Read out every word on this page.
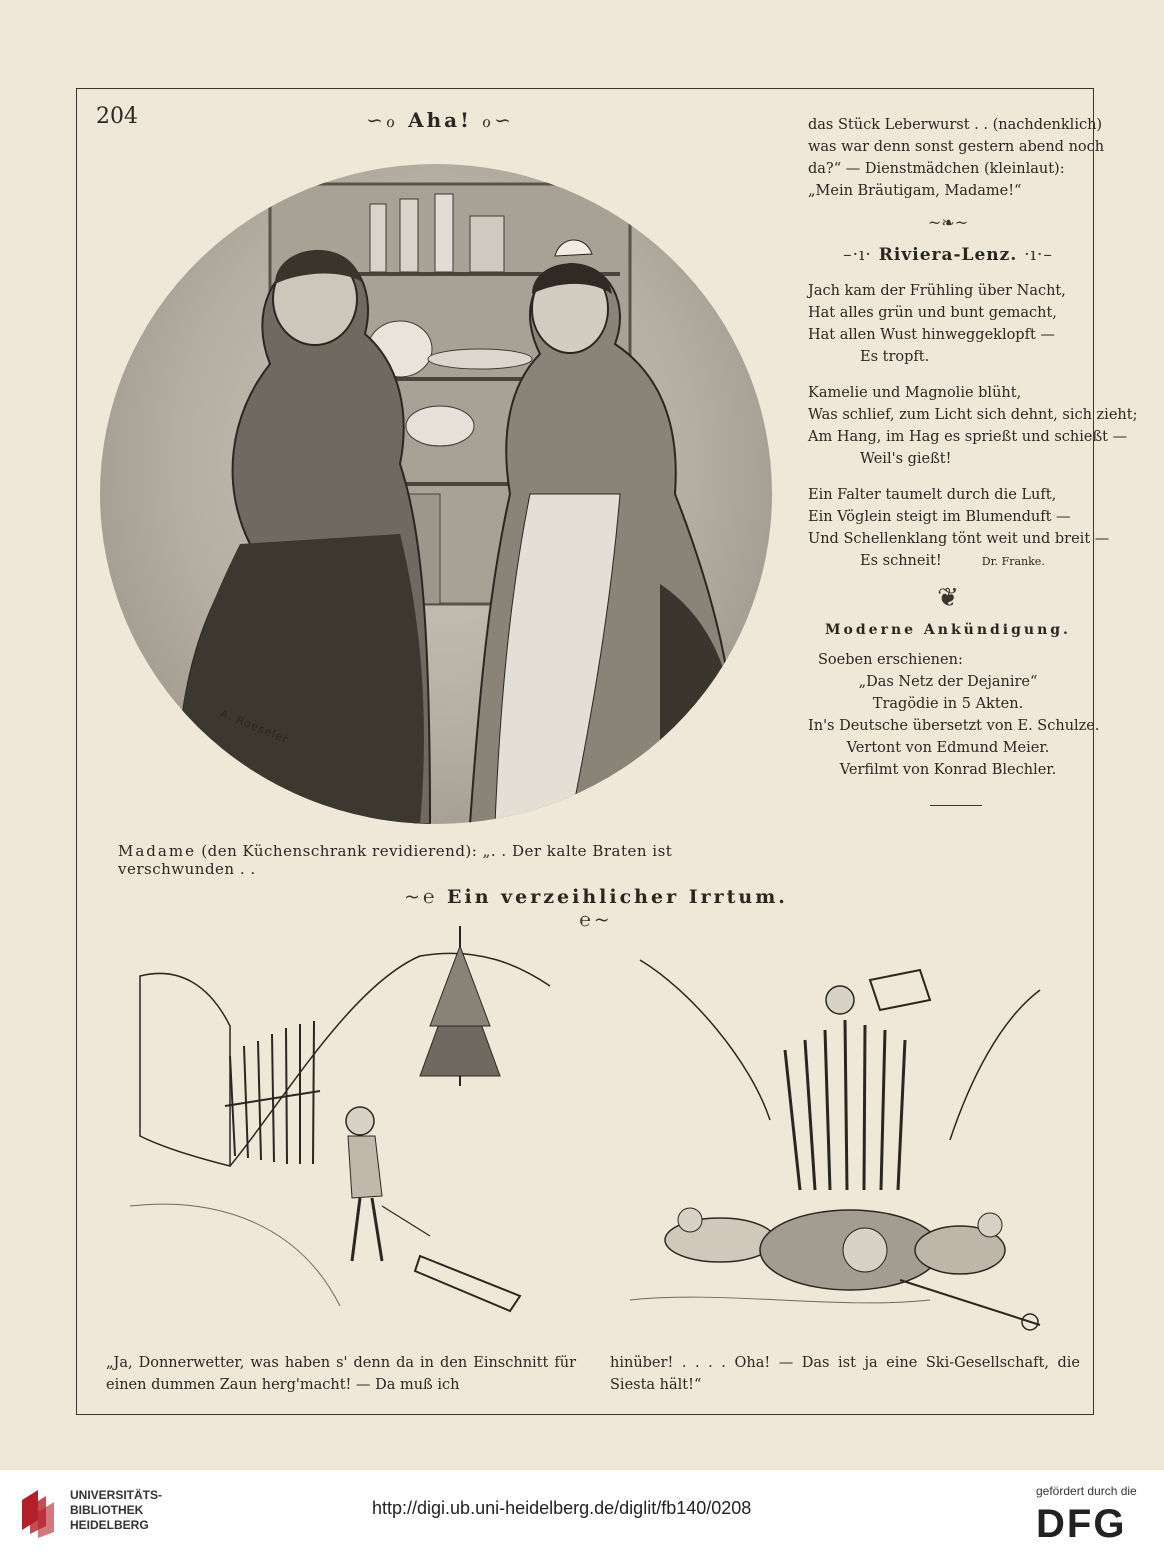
204	∽ℴ Aha! ℴ∽
A. Roeseler
Madame (den Küchenschrank revidierend): „. . Der kalte Braten ist verschwunden . .
das Stück Leberwurst . . (nachdenklich)
was war denn sonst gestern abend noch
da?“ — Dienstmädchen (kleinlaut):
„Mein Bräutigam, Madame!“
~❧~
–·ı· Riviera-Lenz. ·ı·–
Jach kam der Frühling über Nacht,
Hat alles grün und bunt gemacht,
Hat allen Wust hinweggeklopft —
Es tropft.
Kamelie und Magnolie blüht,
Was schlief, zum Licht sich dehnt, sich zieht;
Am Hang, im Hag es sprießt und schießt —
Weil's gießt!
Ein Falter taumelt durch die Luft,
Ein Vöglein steigt im Blumenduft —
Und Schellenklang tönt weit und breit —
Es schneit!	Dr. Franke.
❦
Moderne Ankündigung.
Soeben erschienen:
„Das Netz der Dejanire“
Tragödie in 5 Akten.
In's Deutsche übersetzt von E. Schulze.
Vertont von Edmund Meier.
Verfilmt von Konrad Blechler.
~℮ Ein verzeihlicher Irrtum. ℮~
„Ja, Donnerwetter, was haben s' denn da in den Einschnitt für einen dummen Zaun herg'macht! — Da muß ich
hinüber! . . . . Oha! — Das ist ja eine Ski-Gesellschaft, die Siesta hält!“
UNIVERSITÄTS-
BIBLIOTHEK
HEIDELBERG
http://digi.ub.uni-heidelberg.de/diglit/fb140/0208
gefördert durch die
DFG
